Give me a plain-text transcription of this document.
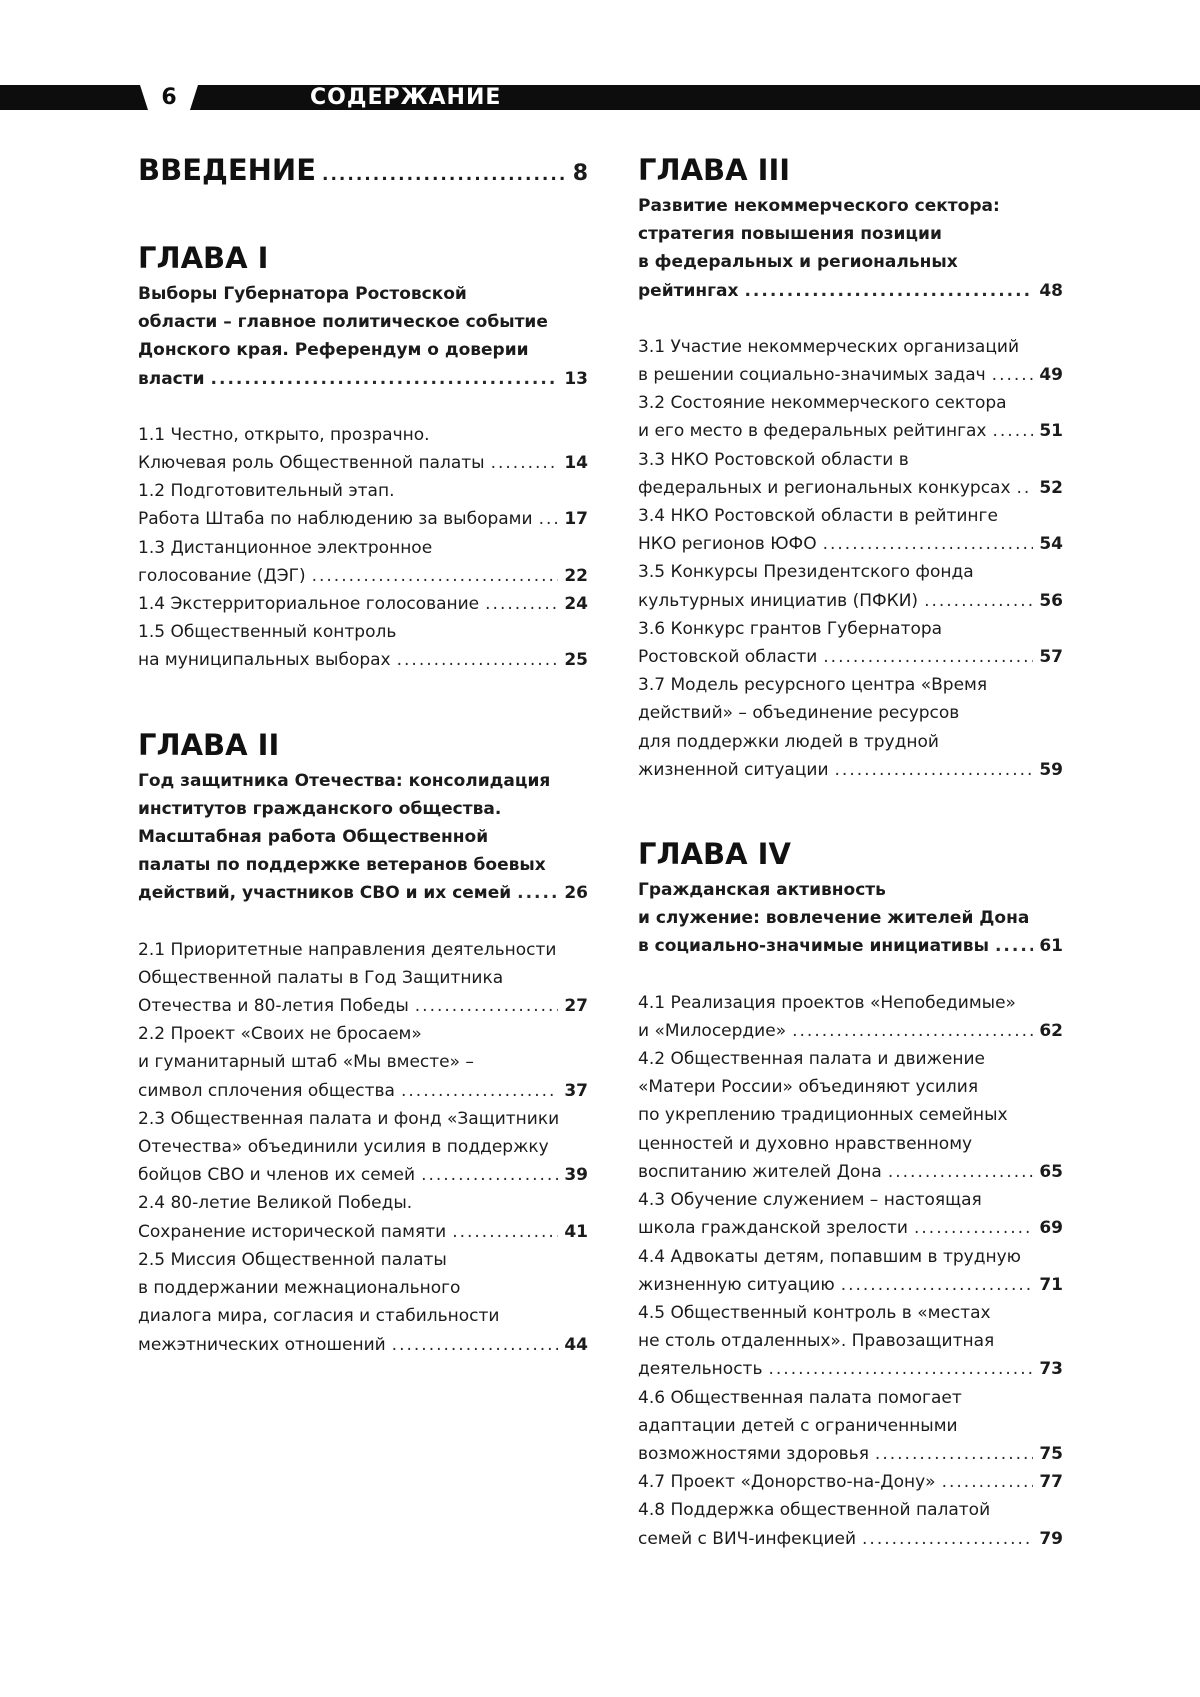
6	СОДЕРЖАНИЕ
ВВЕДЕНИЕ .....	8
ГЛАВА I
Выборы Губернатора Ростовской
области – главное политическое событие
Донского края. Референдум о доверии
власти .....	13
1.1 Честно, открыто, прозрачно.
Ключевая роль Общественной палаты .....	14
1.2 Подготовительный этап.
Работа Штаба по наблюдению за выборами ..... 17
1.3 Дистанционное электронное
голосование (ДЭГ) .....	22
1.4 Экстерриториальное голосование .....	24
1.5 Общественный контроль
на муниципальных выборах .....	25
ГЛАВА II
Год защитника Отечества: консолидация
институтов гражданского общества.
Масштабная работа Общественной
палаты по поддержке ветеранов боевых
действий, участников СВО и их семей .....	26
2.1 Приоритетные направления деятельности
Общественной палаты в Год Защитника
Отечества и 80-летия Победы .....	27
2.2 Проект «Своих не бросаем»
и гуманитарный штаб «Мы вместе» –
символ сплочения общества .....	37
2.3 Общественная палата и фонд «Защитники
Отечества» объединили усилия в поддержку
бойцов СВО и членов их семей .....	39
2.4 80-летие Великой Победы.
Сохранение исторической памяти .....	41
2.5 Миссия Общественной палаты
в поддержании межнационального
диалога мира, согласия и стабильности
межэтнических отношений .....	44
ГЛАВА III
Развитие некоммерческого сектора:
стратегия повышения позиции
в федеральных и региональных
рейтингах .....	48
3.1 Участие некоммерческих организаций
в решении социально-значимых задач .....	49
3.2 Состояние некоммерческого сектора
и его место в федеральных рейтингах .....	51
3.3 НКО Ростовской области в
федеральных и региональных конкурсах ..... 52
3.4 НКО Ростовской области в рейтинге
НКО регионов ЮФО .....	54
3.5 Конкурсы Президентского фонда
культурных инициатив (ПФКИ) .....	56
3.6 Конкурс грантов Губернатора
Ростовской области .....	57
3.7 Модель ресурсного центра «Время
действий» – объединение ресурсов
для поддержки людей в трудной
жизненной ситуации .....	59
ГЛАВА IV
Гражданская активность
и служение: вовлечение жителей Дона
в социально-значимые инициативы .....	61
4.1 Реализация проектов «Непобедимые»
и «Милосердие» .....	62
4.2 Общественная палата и движение
«Матери России» объединяют усилия
по укреплению традиционных семейных
ценностей и духовно нравственному
воспитанию жителей Дона .....	65
4.3 Обучение служением – настоящая
школа гражданской зрелости .....	69
4.4 Адвокаты детям, попавшим в трудную
жизненную ситуацию .....	71
4.5 Общественный контроль в «местах
не столь отдаленных». Правозащитная
деятельность .....	73
4.6 Общественная палата помогает
адаптации детей с ограниченными
возможностями здоровья .....	75
4.7 Проект «Донорство-на-Дону» .....	77
4.8 Поддержка общественной палатой
семей с ВИЧ-инфекцией .....	79
